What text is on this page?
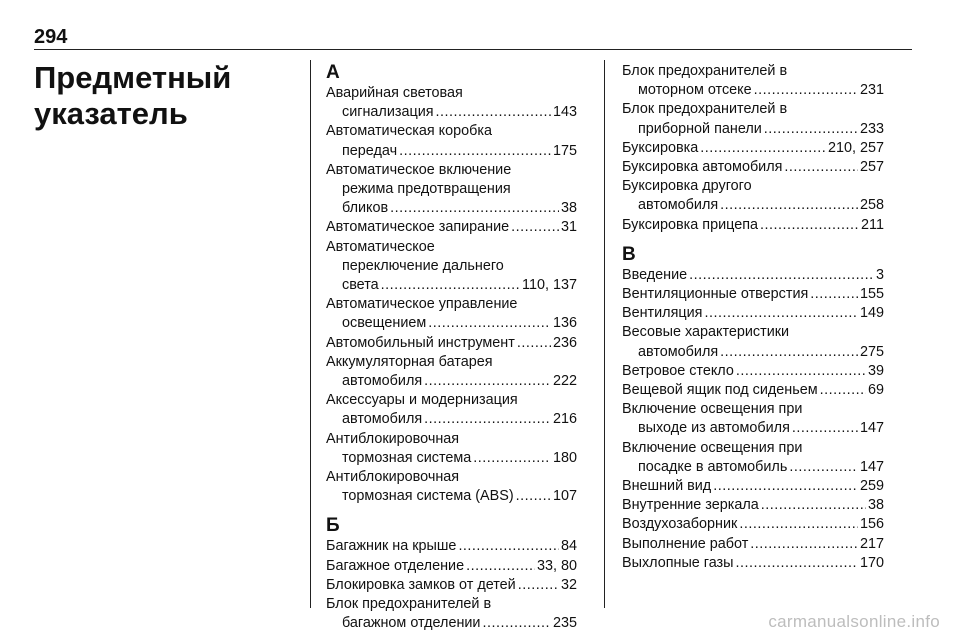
294
Предметный
указатель
А
Аварийная световая
сигнализация .....	143
Автоматическая коробка
передач .....	175
Автоматическое включение
режима предотвращения
бликов .....	38
Автоматическое запирание .....	31
Автоматическое
переключение дальнего
света .....	110, 137
Автоматическое управление
освещением .....	136
Автомобильный инструмент .....	236
Аккумуляторная батарея
автомобиля .....	222
Аксессуары и модернизация
автомобиля .....	216
Антиблокировочная
тормозная система .....	180
Антиблокировочная
тормозная система (ABS) .....	107
Б
Багажник на крыше .....	84
Багажное отделение .....	33, 80
Блокировка замков от детей .....	32
Блок предохранителей в
багажном отделении .....	235
Блок предохранителей в
моторном отсеке .....	231
Блок предохранителей в
приборной панели .....	233
Буксировка .....	210, 257
Буксировка автомобиля .....	257
Буксировка другого
автомобиля .....	258
Буксировка прицепа .....	211
В
Введение .....	3
Вентиляционные отверстия .....	155
Вентиляция .....	149
Весовые характеристики
автомобиля .....	275
Ветровое стекло .....	39
Вещевой ящик под сиденьем .....	69
Включение освещения при
выходе из автомобиля .....	147
Включение освещения при
посадке в автомобиль .....	147
Внешний вид .....	259
Внутренние зеркала .....	38
Воздухозаборник .....	156
Выполнение работ .....	217
Выхлопные газы .....	170
carmanualsonline.info
